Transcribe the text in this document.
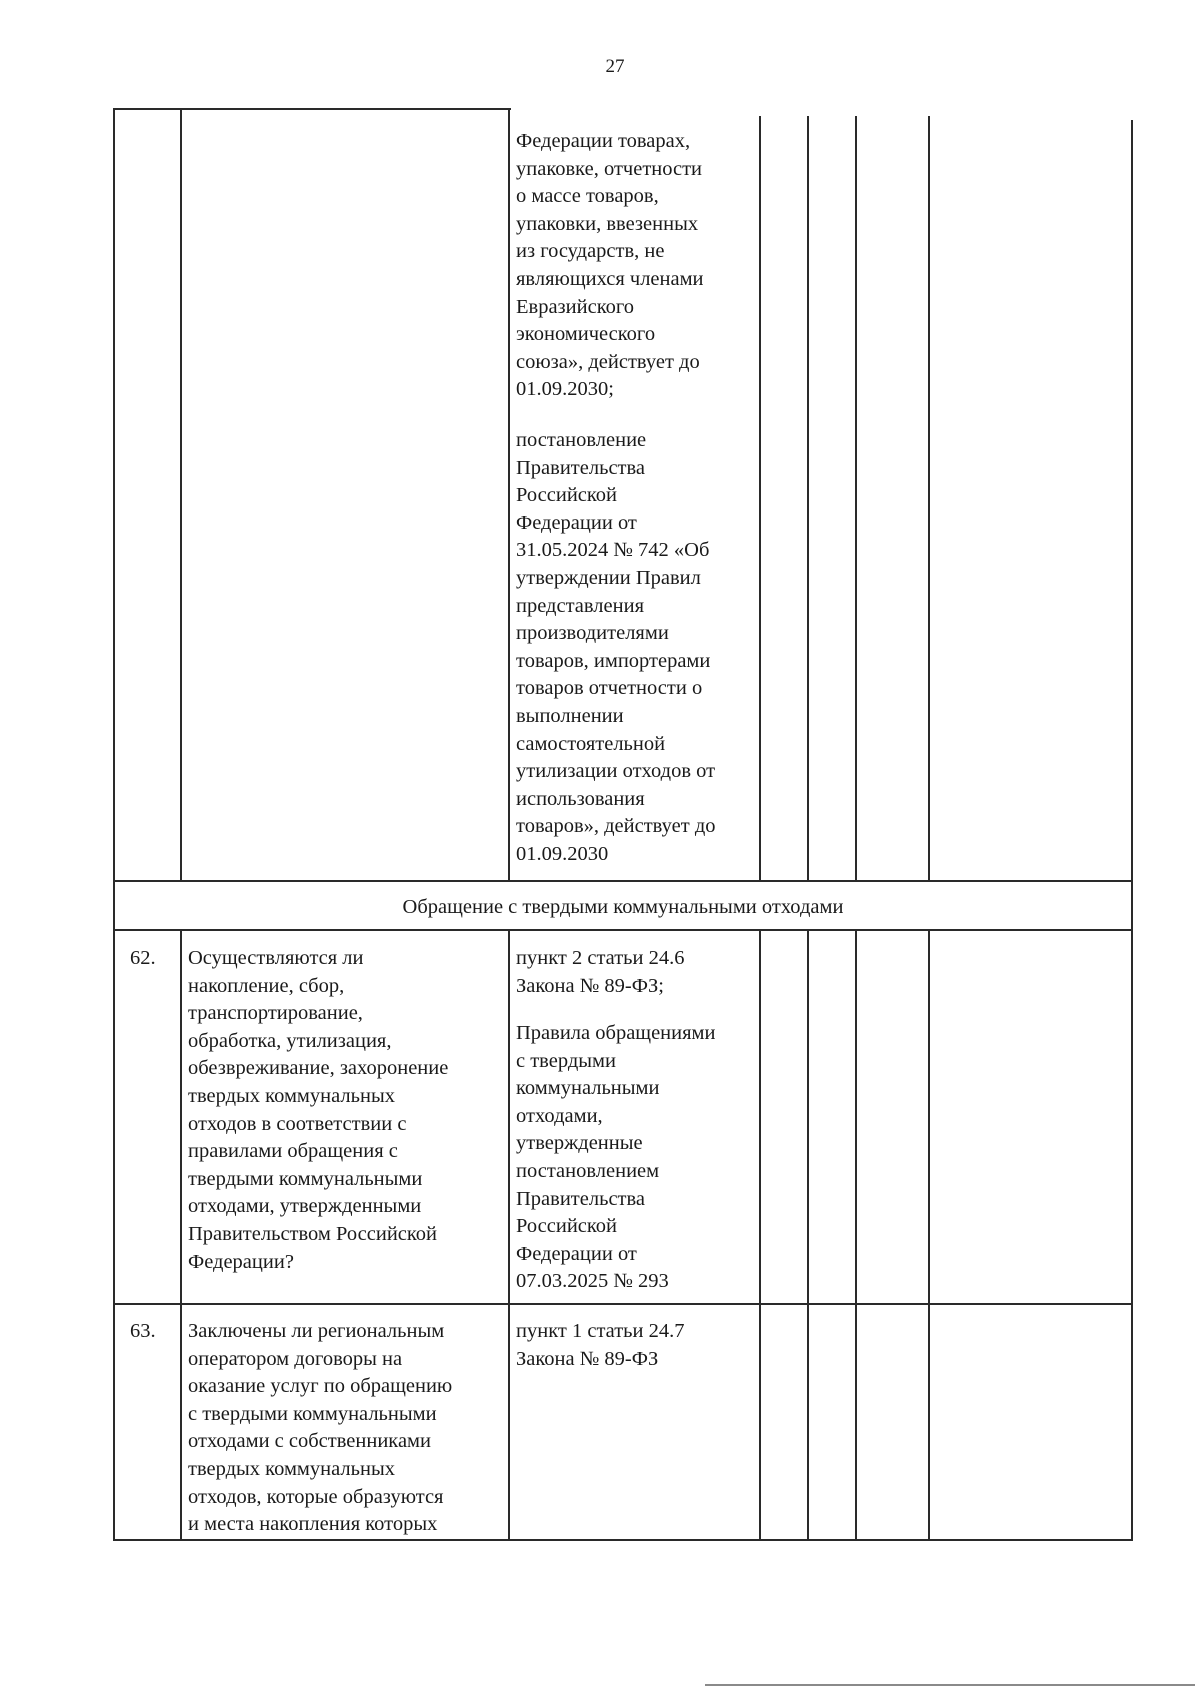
27
Федерации товарах,
упаковке, отчетности
о массе товаров,
упаковки, ввезенных
из государств, не
являющихся членами
Евразийского
экономического
союза», действует до
01.09.2030;
постановление
Правительства
Российской
Федерации от
31.05.2024 № 742 «Об
утверждении Правил
представления
производителями
товаров, импортерами
товаров отчетности о
выполнении
самостоятельной
утилизации отходов от
использования
товаров», действует до
01.09.2030
Обращение с твердыми коммунальными отходами
62. Осуществляются ли
накопление, сбор,
транспортирование,
обработка, утилизация,
обезвреживание, захоронение
твердых коммунальных
отходов в соответствии с
правилами обращения с
твердыми коммунальными
отходами, утвержденными
Правительством Российской
Федерации?
пункт 2 статьи 24.6
Закона № 89-ФЗ;
Правила обращениями
с твердыми
коммунальными
отходами,
утвержденные
постановлением
Правительства
Российской
Федерации от
07.03.2025 № 293
63. Заключены ли региональным
оператором договоры на
оказание услуг по обращению
с твердыми коммунальными
отходами с собственниками
твердых коммунальных
отходов, которые образуются
и места накопления которых
пункт 1 статьи 24.7
Закона № 89-ФЗ
